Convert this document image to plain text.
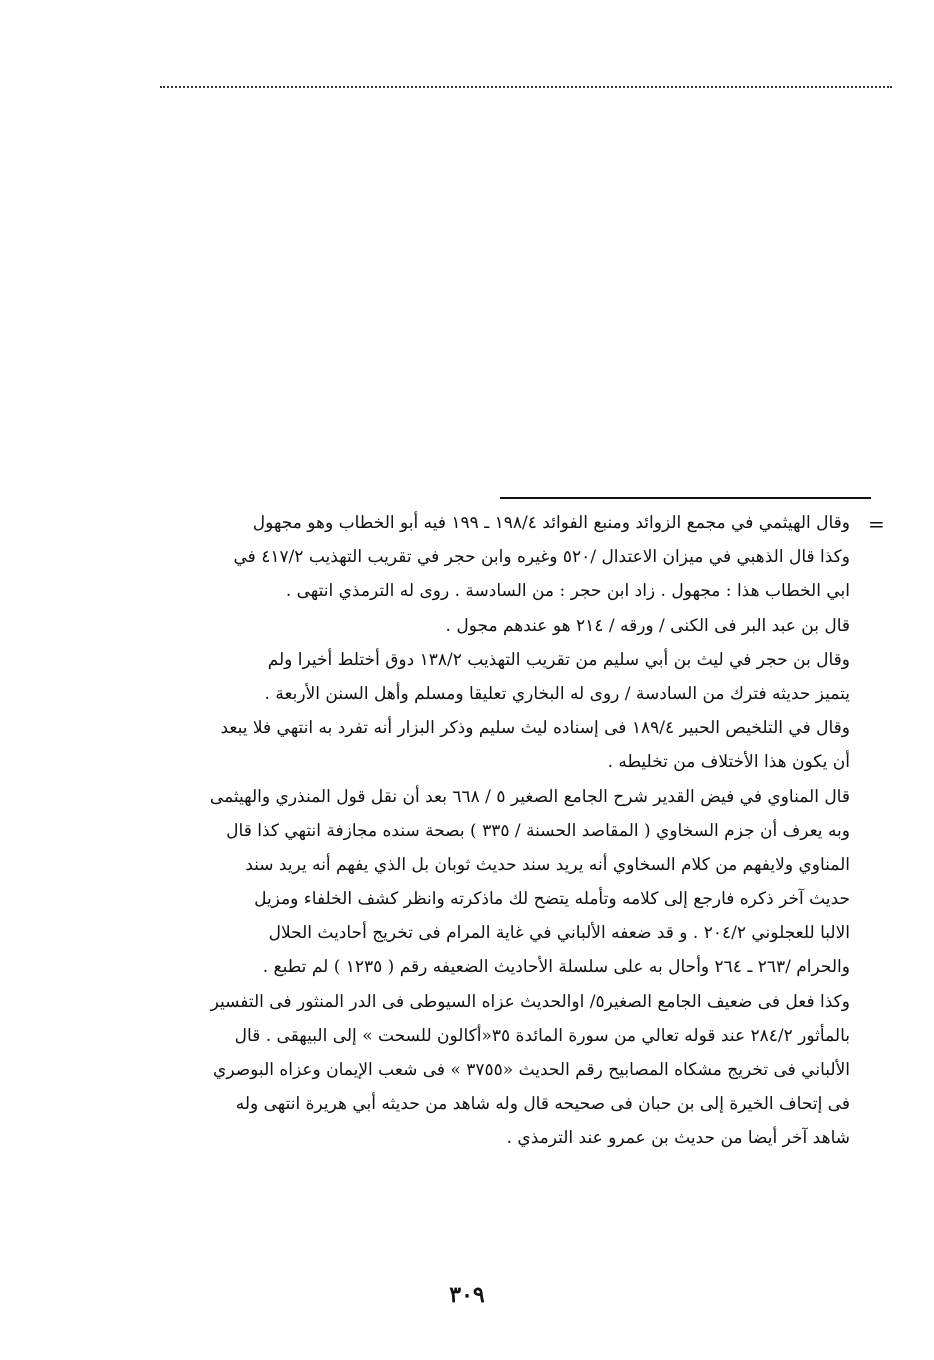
=
وقال الهيثمي في مجمع الزوائد ومنبع الفوائد ١٩٨/٤ ـ ١٩٩ فيه أبو الخطاب وهو مجهول
وكذا قال الذهبي في ميزان الاعتدال /٥٢٠ وغيره وابن حجر في تقريب التهذيب ٤١٧/٢ في
ابي الخطاب هذا : مجهول . زاد ابن حجر : من السادسة . روى له الترمذي انتهى .
قال بن عبد البر فى الكنى / ورقه / ٢١٤ هو عندهم مجول .
وقال بن حجر في ليث بن أبي سليم من تقريب التهذيب ١٣٨/٢ دوق أختلط أخيرا ولم
يتميز حديثه فترك من السادسة / روى له البخاري تعليقا ومسلم وأهل السنن الأربعة .
وقال في التلخيص الحبير ١٨٩/٤ فى إسناده ليث سليم وذكر البزار أنه تفرد به انتهي فلا يبعد
أن يكون هذا الأختلاف من تخليطه .
قال المناوي في فيض القدير شرح الجامع الصغير ٥ / ٦٦٨ بعد أن نقل قول المنذري والهيثمى
وبه يعرف أن جزم السخاوي ( المقاصد الحسنة / ٣٣٥ ) بصحة سنده مجازفة انتهي كذا قال
المناوي ولايفهم من كلام السخاوي أنه يريد سند حديث ثوبان بل الذي يفهم أنه يريد سند
حديث آخر ذكره فارجع إلى كلامه وتأمله يتضح لك ماذكرته وانظر كشف الخلفاء ومزيل
الالبا للعجلوني ٢٠٤/٢ . و قد ضعفه الألباني في غاية المرام فى تخريج أحاديث الحلال
والحرام /٢٦٣ ـ ٢٦٤ وأحال به على سلسلة الأحاديث الضعيفه رقم ( ١٢٣٥ ) لم تطبع .
وكذا فعل فى ضعيف الجامع الصغير٥/ اوالحديث عزاه السيوطى فى الدر المنثور فى التفسير
بالمأثور ٢٨٤/٢ عند قوله تعالي من سورة المائدة ٣٥«أكالون للسحت » إلى البيهقى . قال
الألباني فى تخريج مشكاه المصابيح رقم الحديث «٣٧٥٥ » فى شعب الإيمان وعزاه البوصري
فى إتحاف الخيرة إلى بن حبان فى صحيحه قال وله شاهد من حديثه أبي هريرة انتهى وله
شاهد آخر أيضا من حديث بن عمرو عند الترمذي .
٣٠٩
